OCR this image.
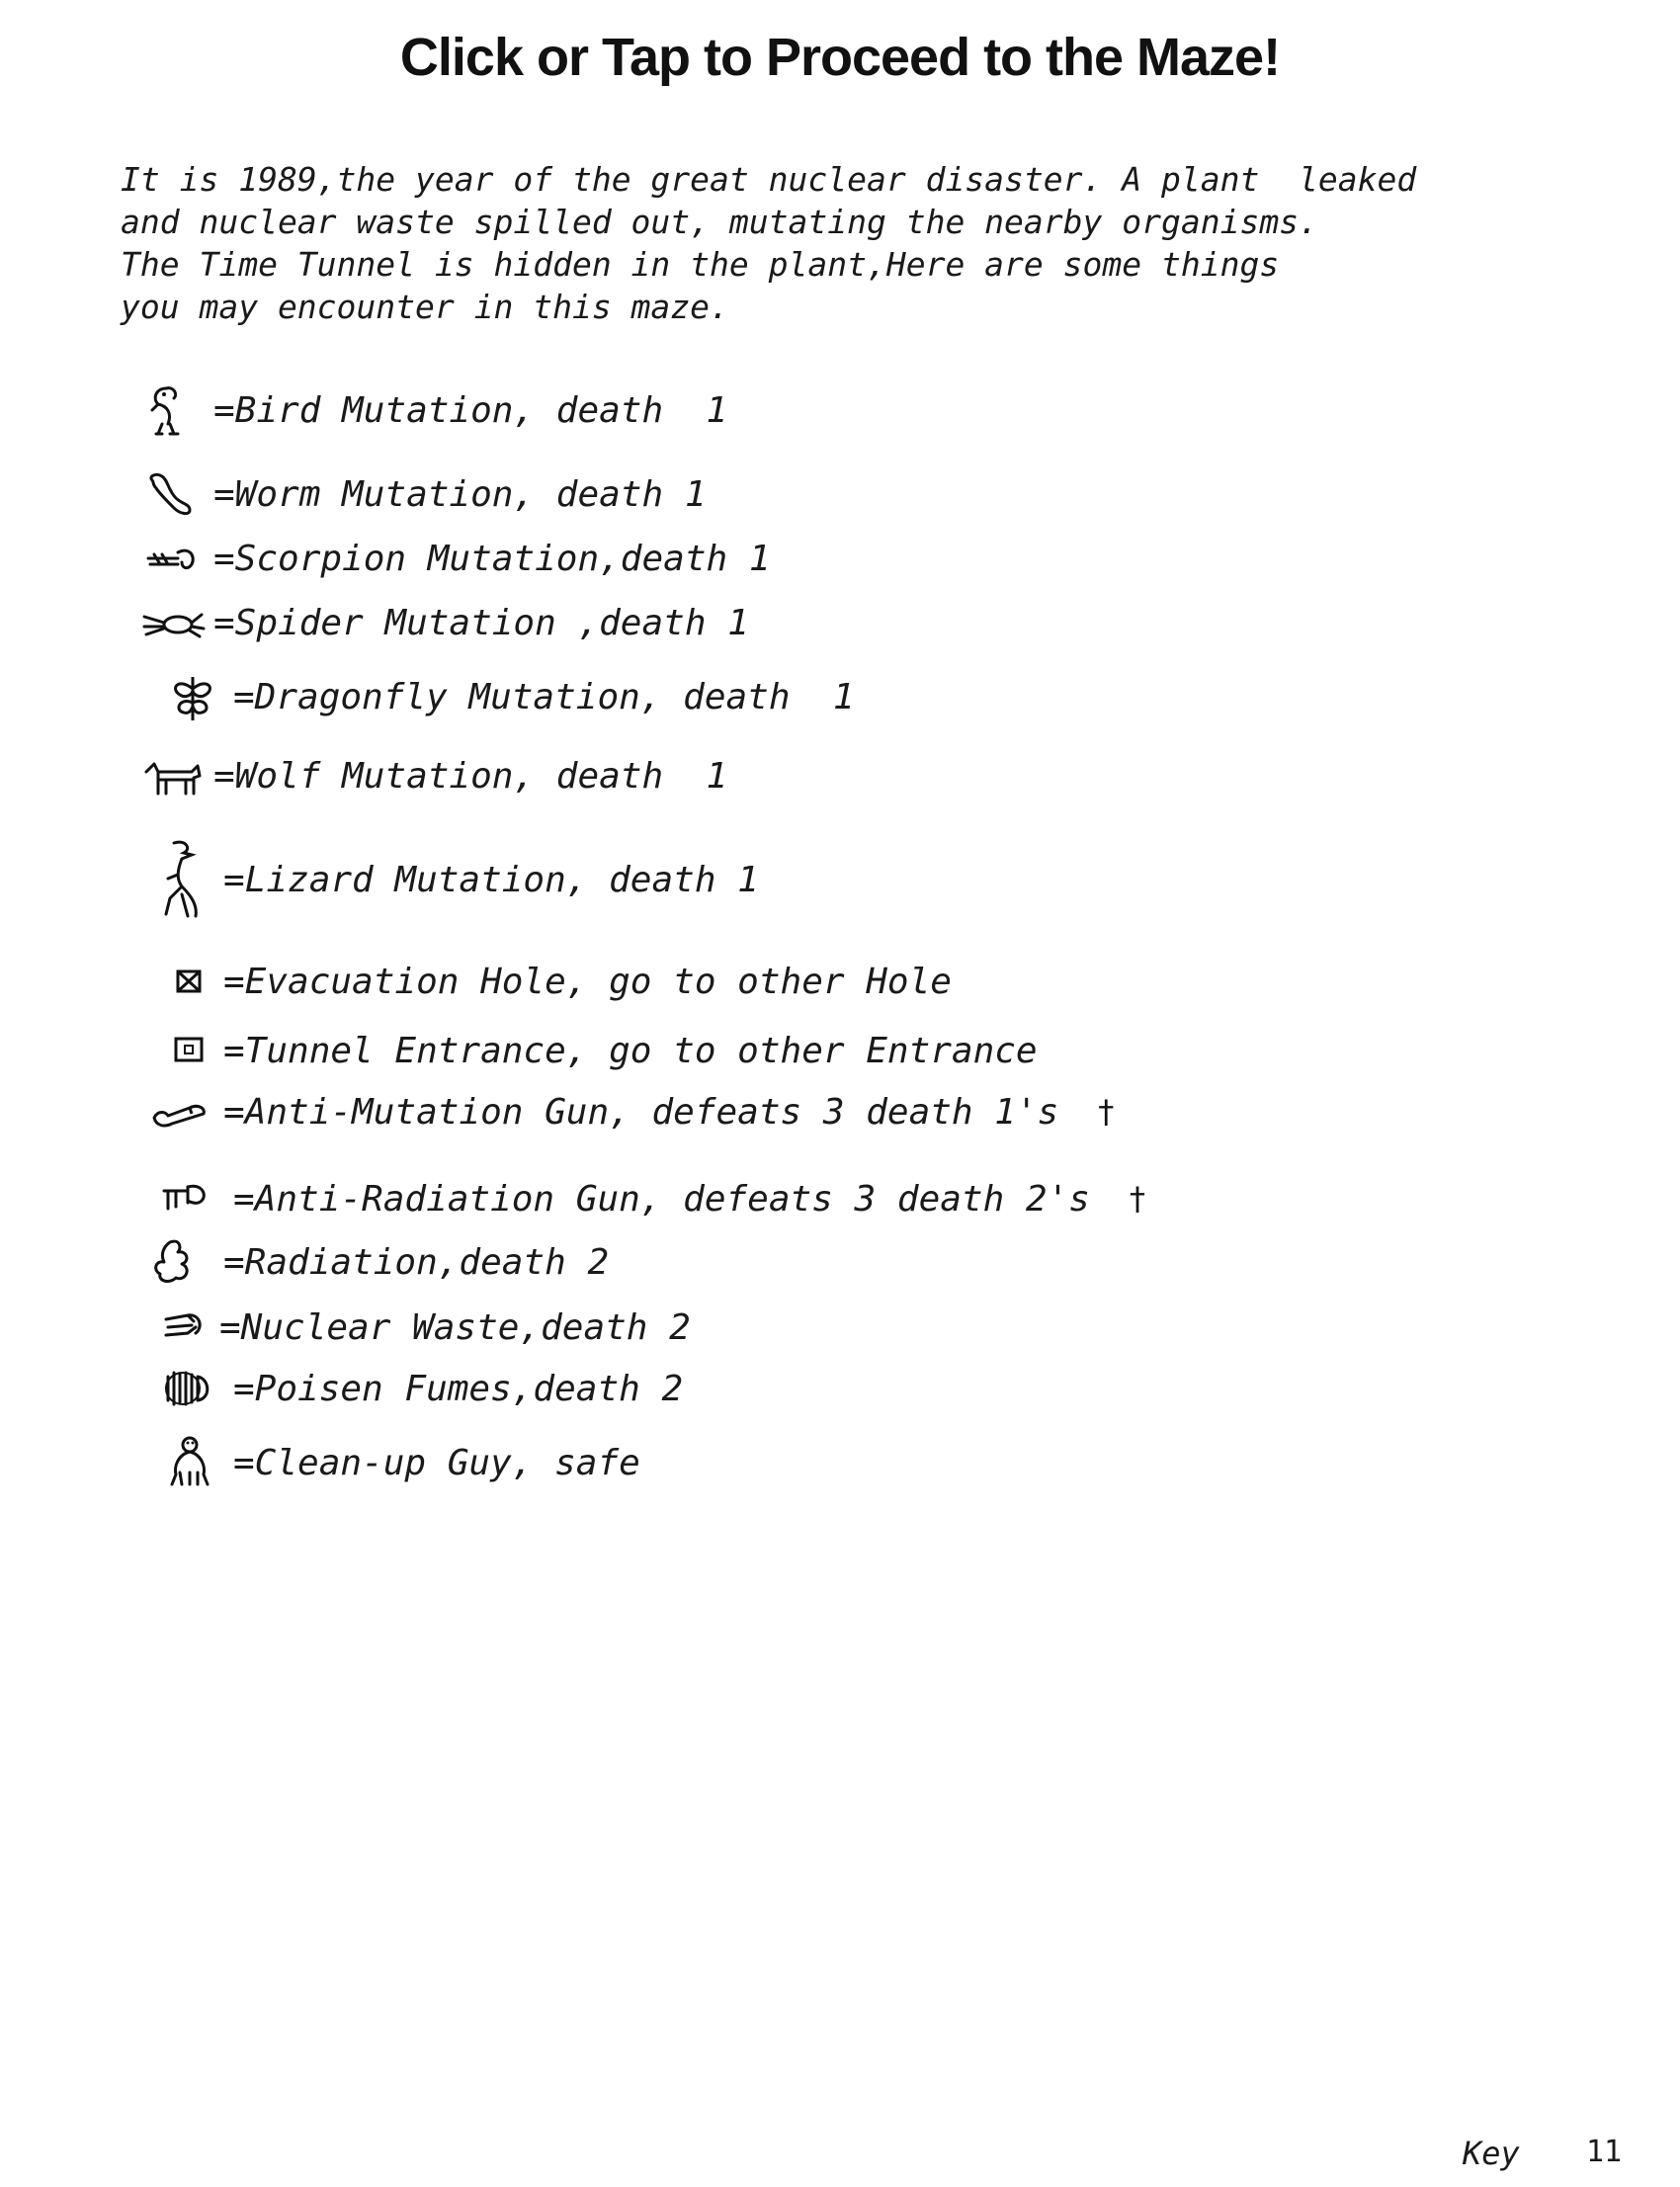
Click or Tap to Proceed to the Maze!
It is 1989,the year of the great nuclear disaster. A plant  leaked
and nuclear waste spilled out, mutating the nearby organisms.
The Time Tunnel is hidden in the plant,Here are some things
you may encounter in this maze.
=Bird Mutation, death  1
=Worm Mutation, death 1
=Scorpion Mutation,death 1
=Spider Mutation ,death 1
=Dragonfly Mutation, death  1
=Wolf Mutation, death  1
=Lizard Mutation, death 1
=Evacuation Hole, go to other Hole
=Tunnel Entrance, go to other Entrance
=Anti-Mutation Gun, defeats 3 death 1's †
=Anti-Radiation Gun, defeats 3 death 2's †
=Radiation,death 2
=Nuclear Waste,death 2
=Poisen Fumes,death 2
=Clean-up Guy, safe
Key 11
